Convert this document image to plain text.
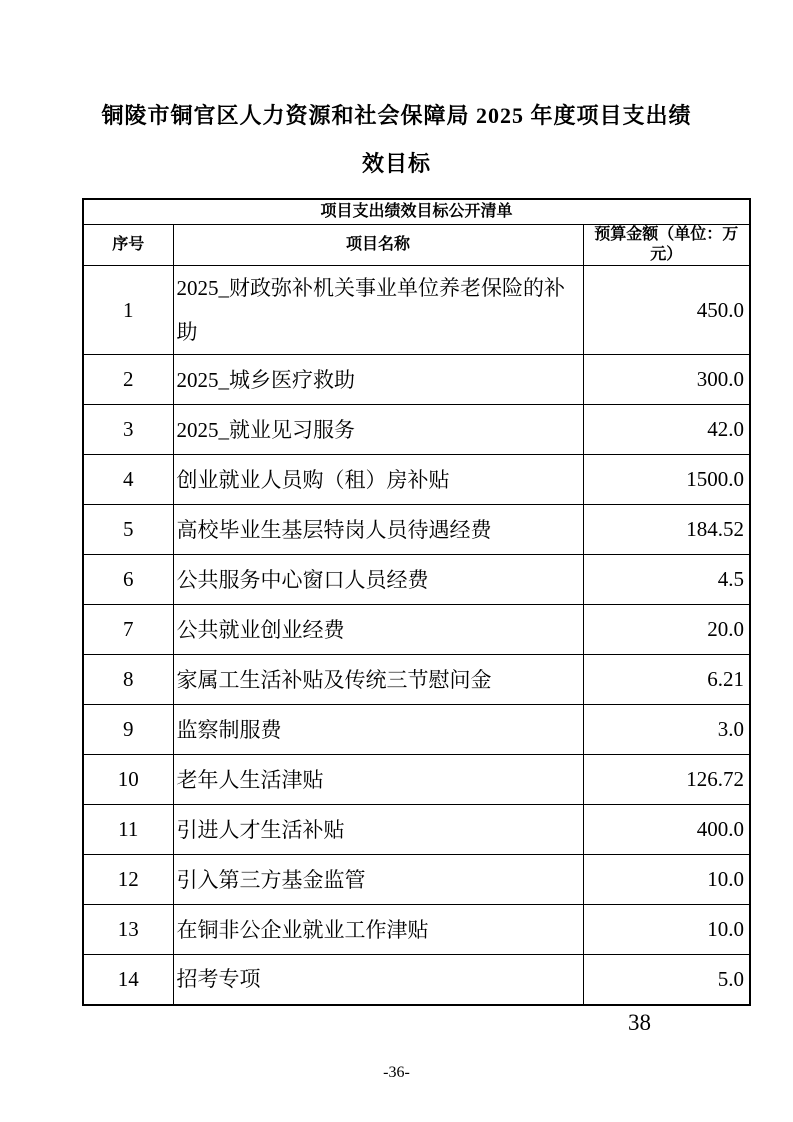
铜陵市铜官区人力资源和社会保障局 2025 年度项目支出绩
效目标
项目支出绩效目标公开清单		
序号	项目名称	预算金额（单位：万元）
1	2025_财政弥补机关事业单位养老保险的补助	450.0
2	2025_城乡医疗救助	300.0
3	2025_就业见习服务	42.0
4	创业就业人员购（租）房补贴	1500.0
5	高校毕业生基层特岗人员待遇经费	184.52
6	公共服务中心窗口人员经费	4.5
7	公共就业创业经费	20.0
8	家属工生活补贴及传统三节慰问金	6.21
9	监察制服费	3.0
10	老年人生活津贴	126.72
11	引进人才生活补贴	400.0
12	引入第三方基金监管	10.0
13	在铜非公企业就业工作津贴	10.0
14	招考专项	5.0
38
-36-
